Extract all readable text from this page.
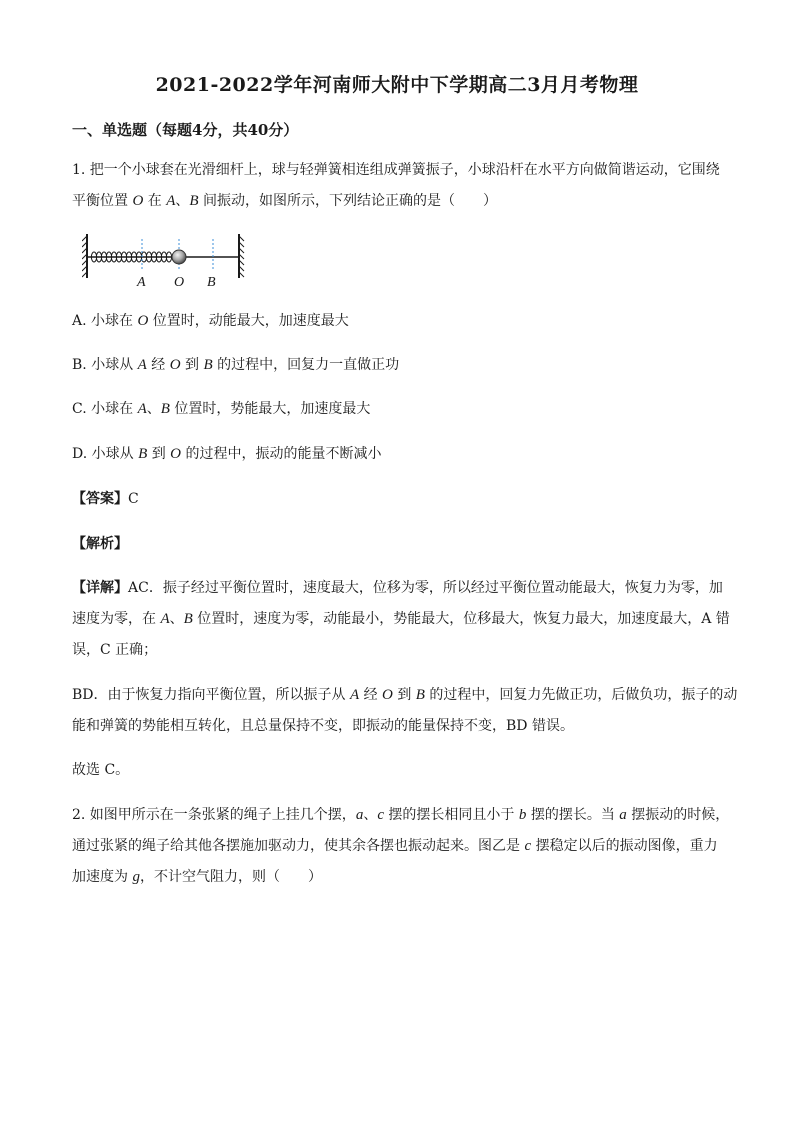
2021-2022学年河南师大附中下学期高二3月月考物理
一、单选题（每题4分，共40分）
1. 把一个小球套在光滑细杆上，球与轻弹簧相连组成弹簧振子，小球沿杆在水平方向做简谐运动，它围绕
平衡位置 O 在 A、B 间振动，如图所示，下列结论正确的是（　　）
A O B
A. 小球在 O 位置时，动能最大，加速度最大
B. 小球从 A 经 O 到 B 的过程中，回复力一直做正功
C. 小球在 A、B 位置时，势能最大，加速度最大
D. 小球从 B 到 O 的过程中，振动的能量不断减小
【答案】C
【解析】
【详解】AC．振子经过平衡位置时，速度最大，位移为零，所以经过平衡位置动能最大，恢复力为零，加
速度为零，在 A、B 位置时，速度为零，动能最小，势能最大，位移最大，恢复力最大，加速度最大，A 错
误，C 正确；
BD．由于恢复力指向平衡位置，所以振子从 A 经 O 到 B 的过程中，回复力先做正功，后做负功，振子的动
能和弹簧的势能相互转化，且总量保持不变，即振动的能量保持不变，BD 错误。
故选 C。
2. 如图甲所示在一条张紧的绳子上挂几个摆，a、c 摆的摆长相同且小于 b 摆的摆长。当 a 摆振动的时候，
通过张紧的绳子给其他各摆施加驱动力，使其余各摆也振动起来。图乙是 c 摆稳定以后的振动图像，重力
加速度为 g，不计空气阻力，则（　　）
